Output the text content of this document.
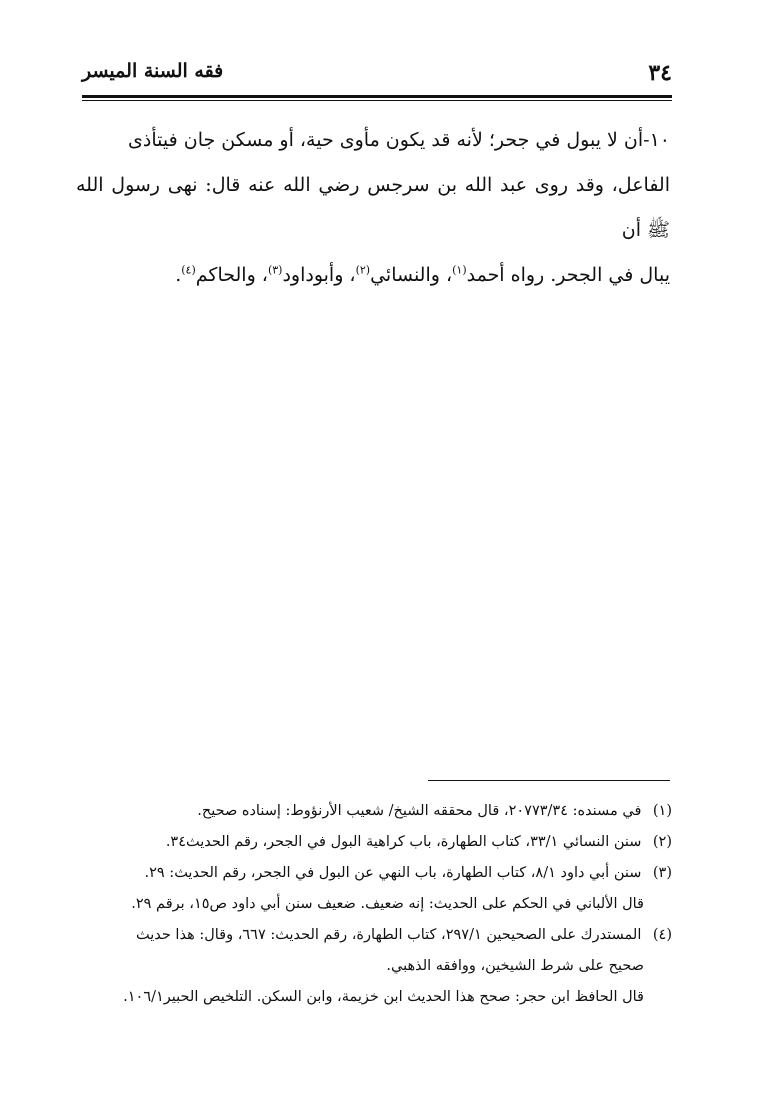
٣٤
فقه السنة الميسر

١٠-أن لا يبول في جحر؛ لأنه قد يكون مأوى حية، أو مسكن جان فيتأذى

الفاعل، وقد روى عبد الله بن سرجس رضي الله عنه قال: نهى رسول الله ﷺ أن

يبال في الجحر. رواه أحمد$^{(١)}$، والنسائي$^{(٢)}$، وأبوداود$^{(٣)}$، والحاكم$^{(٤)}$.

(١) في مسنده: ٢٠٧٧٣/٣٤، قال محققه الشيخ/ شعيب الأرنؤوط: إسناده صحيح.

(٢) سنن النسائي ٣٣/١، كتاب الطهارة، باب كراهية البول في الجحر، رقم الحديث٣٤.

(٣) سنن أبي داود ٨/١، كتاب الطهارة، باب النهي عن البول في الجحر، رقم الحديث: ٢٩.

قال الألباني في الحكم على الحديث: إنه ضعيف. ضعيف سنن أبي داود ص١٥، برقم ٢٩.

(٤) المستدرك على الصحيحين ٢٩٧/١، كتاب الطهارة، رقم الحديث: ٦٦٧، وقال: هذا حديث

صحيح على شرط الشيخين، ووافقه الذهبي.

قال الحافظ ابن حجر: صحح هذا الحديث ابن خزيمة، وابن السكن. التلخيص الحبير١٠٦/١.
